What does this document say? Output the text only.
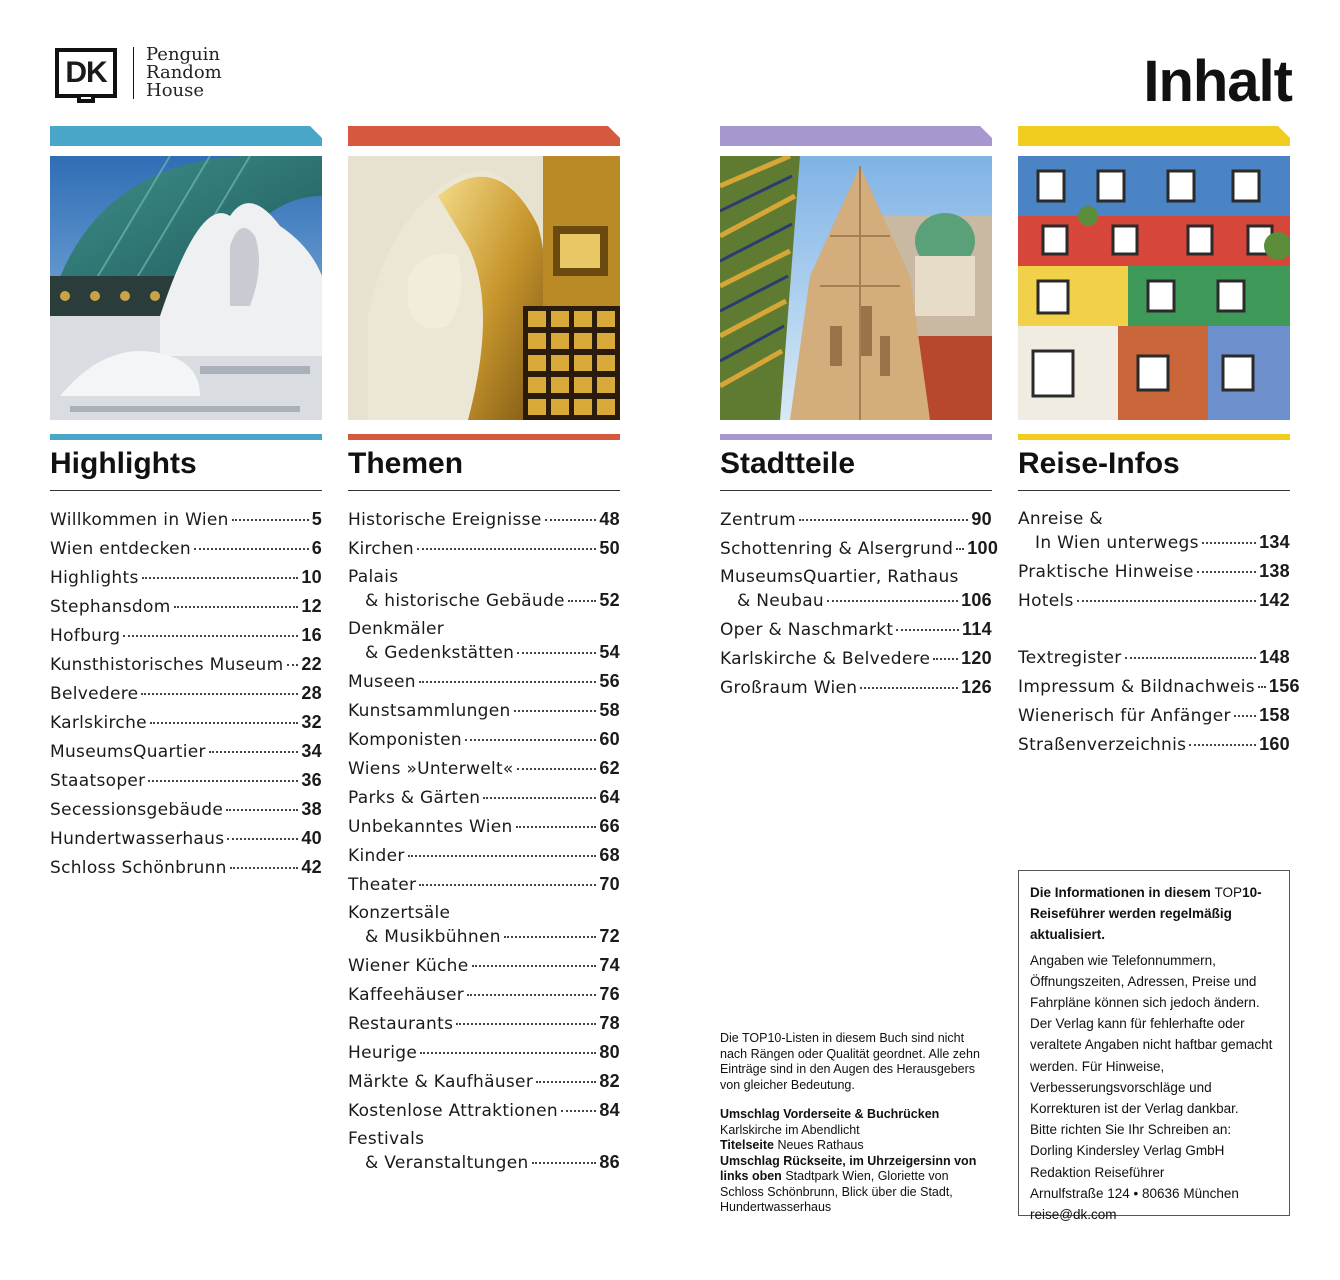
DK
Penguin
Random
House	Inhalt
Highlights
Willkommen in Wien	5
Wien entdecken	6
Highlights	10
Stephansdom	12
Hofburg	16
Kunsthistorisches Museum 22
Belvedere	28
Karlskirche	32
MuseumsQuartier	34
Staatsoper	36
Secessionsgebäude	38
Hundertwasserhaus	40
Schloss Schönbrunn	42
Themen
Historische Ereignisse	48
Kirchen	50
Palais
& historische Gebäude 52
Denkmäler
& Gedenkstätten	54
Museen	56
Kunstsammlungen	58
Komponisten	60
Wiens »Unterwelt«	62
Parks & Gärten	64
Unbekanntes Wien	66
Kinder	68
Theater	70
Konzertsäle
& Musikbühnen	72
Wiener Küche	74
Kaffeehäuser	76
Restaurants	78
Heurige	80
Märkte & Kaufhäuser	82
Kostenlose Attraktionen 84
Festivals
& Veranstaltungen	86
Stadtteile
Zentrum	90
Schottenring & Alsergrund 100
MuseumsQuartier, Rathaus
& Neubau	106
Oper & Naschmarkt	114
Karlskirche & Belvedere 120
Großraum Wien	126
Reise-Infos
Anreise &
In Wien unterwegs	134
Praktische Hinweise	138
Hotels	142
Textregister	148
Impressum & Bildnachweis 156
Wienerisch für Anfänger 158
Straßenverzeichnis	160

Die TOP10-Listen in diesem Buch sind nicht nach Rängen oder Qualität geordnet. Alle zehn Einträge sind in den Augen des Herausgebers von gleicher Bedeutung.

Umschlag Vorderseite & Buchrücken
Karlskirche im Abendlicht
Titelseite Neues Rathaus
Umschlag Rückseite, im Uhrzeigersinn von links oben Stadtpark Wien, Gloriette von Schloss Schönbrunn, Blick über die Stadt, Hundertwasserhaus

Die Informationen in diesem TOP10-Reiseführer werden regelmäßig aktualisiert.

Angaben wie Telefonnummern, Öffnungszeiten, Adressen, Preise und Fahrpläne können sich jedoch ändern. Der Verlag kann für fehlerhafte oder veraltete Angaben nicht haftbar gemacht werden. Für Hinweise, Verbesserungsvorschläge und Korrekturen ist der Verlag dankbar.

Bitte richten Sie Ihr Schreiben an:

Dorling Kindersley Verlag GmbH

Redaktion Reiseführer

Arnulfstraße 124 • 80636 München

reise@dk.com
